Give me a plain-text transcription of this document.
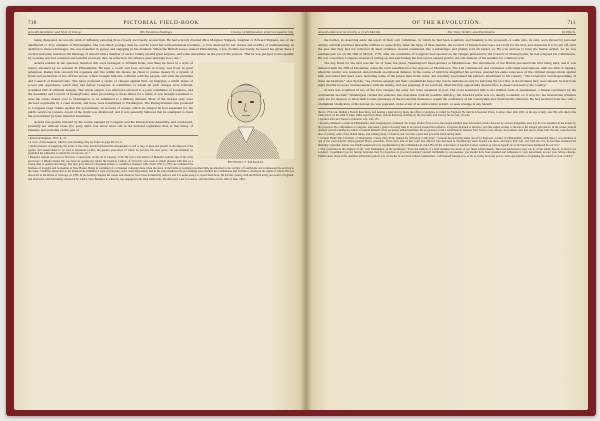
718	PICTORIAL FIELD-BOOK
Arnold's Residence and Style of Living.	His Extensive Dealings.	Charge of Malfeasance preferred against him.

being dissipated, he was the wish of diffusing pattering more closely and fondly around him. He had scarcely married Miss Margaret Shippen, daughter of Edward Shippen, one of the disaffected or Tory residents of Philadelphia. She was much younger than he, and he loved her with passionate fondness—a love deserved by her virtues and nobility of understanding. In addition to these advantages, she was beautiful in person and engaging in her manners. When the British troops entered Philadelphia, a few months previously, he found her given these a cordial welcome; therefore the marriage of Arnold with a member of such a family excited great surprise, and some uneasiness on the part of the patriots. "But he was pledged to the republic by so many services rendered and benefits received, that, on reflection, the alliance gave umbrage to no one."

BENEDICT ARNOLD.

Arnold resided in the spacious mansion that once belonged to William Penn, and there he lived in a style of luxury attended by no resident in Philadelphia. He kept a coach and four, servants in livery, and lived in great splendour. Rather than retrench his expenses and live within his means, he chose to pursue money by a system of fraud and peculation of his official power, which brought him into collision with the people, and with the president and Council of Pennsylvania. The latter preferred a series of charges against him, all implying a wilful abuse of power and oppression, which they laid before Congress. A committee, to whom all such charges were referred, acquitted him of criminal designs. The whole subject was afterward referred to a joint committee of Congress, and the Assembly and Council of Pennsylvania. After proceeding to those duties for a while, it was thought expedient to send the whole matter over to Washington, to be submitted to a military tribunal. Most of the charges only were decreed cognizable by a court martial, and these were transmitted to Washington. The Pennsylvanians also protested to Congress large claims against the government, an account of money which he alleged he had expended for the public service in Canada. A part of the claim was disallowed; and it was generally believed that he attempted to cheat the government by false financial statements.

Arnold was greatly irritated by the course pursued by Congress and the Pennsylvania Assembly, and considered, probably not without cause (for party spirit was never more rife in the national legislature than at that time), of injustice and partiality on the part of

¹ American Register, 1817, ii., 51.

² A view of this mansion, which is still standing, may be found on page 99, vol. ii.

³ Under pretence of supplying the wants of the army, Arnold beckoned his shopkeepers to sell or buy, to keep and presell, in the disposal of his agents, and caused them to be sold at enormous profits, the greater proportion of which he put into his own purse. "At one moment he permitted his adherents to enrich his own stores, etc."

⁴ Benedict Arnold was born in Norwich, Connecticut, on the 3d of January, 1740. He was a descendant of Benedict Arnold, one of the early governors of Rhode Island. He was bred an apothecary, under the brothers Lathrop of Norwich, who were so much pleased with him as a young man of genius and energy, that they gave him two thousand dollars to commence business with. From 1763 to 1767, he combined the business of druggist and bookseller in New Haven. Being in command of a volunteer company there when the news of the battle at Lexington reached him, he marched to the vicinity of Cambridge and volunteered his services to the cause. Tradition attests that in his boyhood he exhibited a want of principle, and a cruel disposition; and in his early manhood his proceedings were marked by a selfishness that led him to disregard the rights of others. He was afterward to the Battle of Saratoga, in 1780. In proceeding chapters his career and character have been incidentally noticed, and it is unnecessary to repeat them here. He left the country with the British army, and went to England; and afterward, with his family, resided at St. John's, New Brunswick, where he was engaged in the West India trade. He afterward went to London, and died there on the 14th of June, 1801.

OF THE REVOLUTION.	711
Arnold ordered to be tried by a Court Martial.	The Trial, Verdict, and Punishment.	Its Effects.

the former, in observing aside the report of their own committee, by which he had been acquitted, and listening to the proposals of some who, he said, were moved by personal enmity, and had practised unworthy artifices to cause delay. After the lapse of three months, the Council of Pennsylvania were not ready for the trial, and requested it to be put off, with the plea that they had not collected all their evidence. Arnold considered this a subterfuge, and plainly told all parties so. He was anxious to have the matter settled, for he was unemployed; for on the 18th of March, 1779, after the committee of Congress had reported on the charges preferred by the Council of Pennsylvania, he had resigned his commission. He was vexed that Congress, instead of calling up and sanctioning the first report, should yield to the solicitations of his enemies for a military trial.

The day fixed for the trial was the 1st of June; the place, Washington's head-quarters at Middlebrook. The movements of the British prevented the trial being held, and it was deferred until the 20th of December, when the court assembled for the purpose, at Morristown. The trial commenced, and continued, with slight interruptions, until the 26th of January, when the verdict was rendered. Arnold made an elaborate defence, in the course of which he magnified his services, asserted his entire innocence of the criminal charges made against him, and stated that there were, including some of the purest men in the army, and solemnly proclaimed his patriotic attachment to his country. "The benefactor and magnanimity of these declarations," says Sparks, "are obvious enough; but their consummate hypocrisy can be understood only by knowing the fact that, at the moment they were uttered, he had been eight months in secret correspondence with the enemy, and was prepared, if not resolved, when the first opportunity should offer, to desert and destroy his country."

Arnold was acquitted of two of the four charges; the other two were sustained in part. The court sentenced him to the mildest form of punishment, a simple reprimand by the commander-in-chief.² Washington carried the sentence into execution with all possible delicacy; but Arnold's pride was too deeply wounded, or, it may be, his treasonable schemes were too far ripened, to allow him to take advantage of the favourable moment to regain the confidence of his countrymen and vindicate his character. He had received from the court a triumphant vindication of his honour; he was prepared, in the event of an unfavorable verdict, to seek revenge at any hazard.

dies in 1794, but, finding a French finer there, and fearing a detection by them, the officer at Antigua, so called for England. He died in Gloucester Place, London, June 14th, 1801, at the age of sixty-one. His wife died at the same place, on the 24th of June, 1804, aged forty-three. Arnold had three children by his first wife, and four by his second, all sons.

¹ Sparks's Life and Treason of Arnold, 129, 130, 131.

² Arnold continued to reside in Philadelphia, after resigning his command. No longer afraid of his power, the people testified their detestation of his character by various indignities. One day he was assaulted in the streets by the populace. He complained to Congress, and asked a guard of twenty men to be placed around his residence. Congress declined to interfere, and this added another to the list of his alleged grievances. In the winter, Arnold devised several schemes by which to redeem himself of his pecuniary embarrassments. He proposed to form a settlement in Western New York for the officers and soldiers who had served under him. He also conceived the idea of joining some of the Indian tribes, and, uniting many of them in one, become a great and powerful chief among them.

³ Colonel Philip Van Cortlandt, of Westchester county, New York, related the following to the Story: "General Arnold being under arrest for improper conduct in Philadelphia, while he commanded there, I was detailed as one of the court martial, Major-general Howe, president. There were nine in that court that officers who had been in Ticonderoga when Arnold was there, and knew him well, and from his acts, he had thus hardened his impunity overruled, and he was finally sentenced to be reprimanded by the commander-in-chief. But all the court knew of Arnold's former conduct as well as myself; he would have been dismissed the service."

⁴ "Our profession is the chastest of all," said Washington, in his reprimand. "Even the shadow of a fault tarnishes the lustre of our finest achievements. The least inadvertence may rob us of the public favour, so hard to be acquired. I reprimand you for having forgotten that, in proportion as you had rendered yourself formidable to our enemies, you should have been guarded and temperate in your deportment toward your fellow-citizens. Exhibit anew those noble qualities which have placed you on the list of our most valued commanders. I will myself furnish you, as far as it may be in my power, with opportunities of regaining the esteem of your country."
